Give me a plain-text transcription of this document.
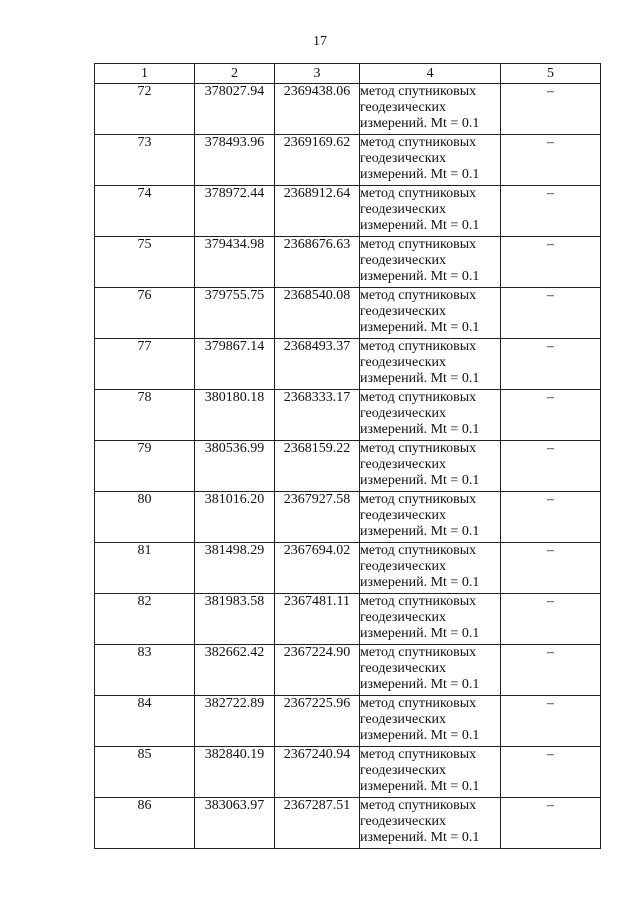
17
1	2	3	4	5
72	378027.94	2369438.06	метод спутниковых
геодезических
измерений. Mt = 0.1	–
73	378493.96	2369169.62	метод спутниковых
геодезических
измерений. Mt = 0.1	–
74	378972.44	2368912.64	метод спутниковых
геодезических
измерений. Mt = 0.1	–
75	379434.98	2368676.63	метод спутниковых
геодезических
измерений. Mt = 0.1	–
76	379755.75	2368540.08	метод спутниковых
геодезических
измерений. Mt = 0.1	–
77	379867.14	2368493.37	метод спутниковых
геодезических
измерений. Mt = 0.1	–
78	380180.18	2368333.17	метод спутниковых
геодезических
измерений. Mt = 0.1	–
79	380536.99	2368159.22	метод спутниковых
геодезических
измерений. Mt = 0.1	–
80	381016.20	2367927.58	метод спутниковых
геодезических
измерений. Mt = 0.1	–
81	381498.29	2367694.02	метод спутниковых
геодезических
измерений. Mt = 0.1	–
82	381983.58	2367481.11	метод спутниковых
геодезических
измерений. Mt = 0.1	–
83	382662.42	2367224.90	метод спутниковых
геодезических
измерений. Mt = 0.1	–
84	382722.89	2367225.96	метод спутниковых
геодезических
измерений. Mt = 0.1	–
85	382840.19	2367240.94	метод спутниковых
геодезических
измерений. Mt = 0.1	–
86	383063.97	2367287.51	метод спутниковых
геодезических
измерений. Mt = 0.1	–
